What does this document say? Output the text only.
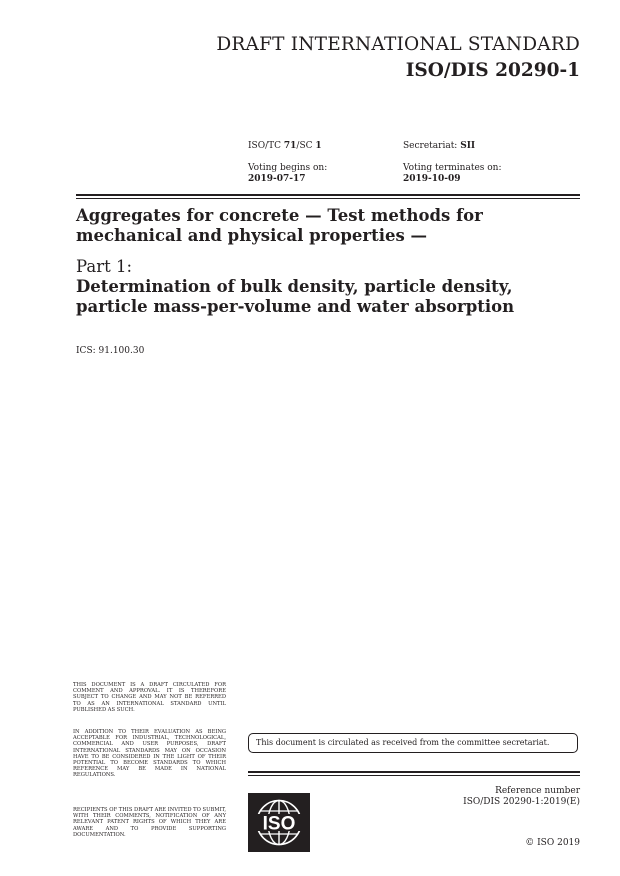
DRAFT INTERNATIONAL STANDARD
ISO/DIS 20290-1
ISO/TC 71/SC 1	Secretariat: SII
Voting begins on:
2019-07-17
Voting terminates on:
2019-10-09
Aggregates for concrete — Test methods for mechanical and physical properties —
Part 1:
Determination of bulk density, particle density, particle mass-per-volume and water absorption
ICS: 91.100.30
THIS DOCUMENT IS A DRAFT CIRCULATED FOR COMMENT AND APPROVAL. IT IS THEREFORE SUBJECT TO CHANGE AND MAY NOT BE REFERRED TO AS AN INTERNATIONAL STANDARD UNTIL PUBLISHED AS SUCH.
IN ADDITION TO THEIR EVALUATION AS BEING ACCEPTABLE FOR INDUSTRIAL, TECHNOLOGICAL, COMMERCIAL AND USER PURPOSES, DRAFT INTERNATIONAL STANDARDS MAY ON OCCASION HAVE TO BE CONSIDERED IN THE LIGHT OF THEIR POTENTIAL TO BECOME STANDARDS TO WHICH REFERENCE MAY BE MADE IN NATIONAL REGULATIONS.
RECIPIENTS OF THIS DRAFT ARE INVITED TO SUBMIT, WITH THEIR COMMENTS, NOTIFICATION OF ANY RELEVANT PATENT RIGHTS OF WHICH THEY ARE AWARE AND TO PROVIDE SUPPORTING DOCUMENTATION.
This document is circulated as received from the committee secretariat.
ISO
Reference number
ISO/DIS 20290-1:2019(E)
© ISO 2019
